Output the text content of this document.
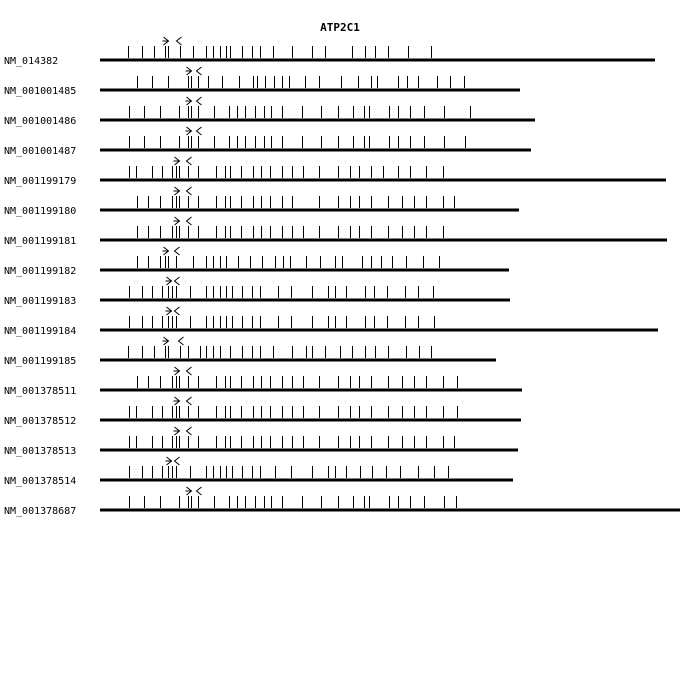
ATP2C1
NM_014382
NM_001001485
NM_001001486
NM_001001487
NM_001199179
NM_001199180
NM_001199181
NM_001199182
NM_001199183
NM_001199184
NM_001199185
NM_001378511
NM_001378512
NM_001378513
NM_001378514
NM_001378687
